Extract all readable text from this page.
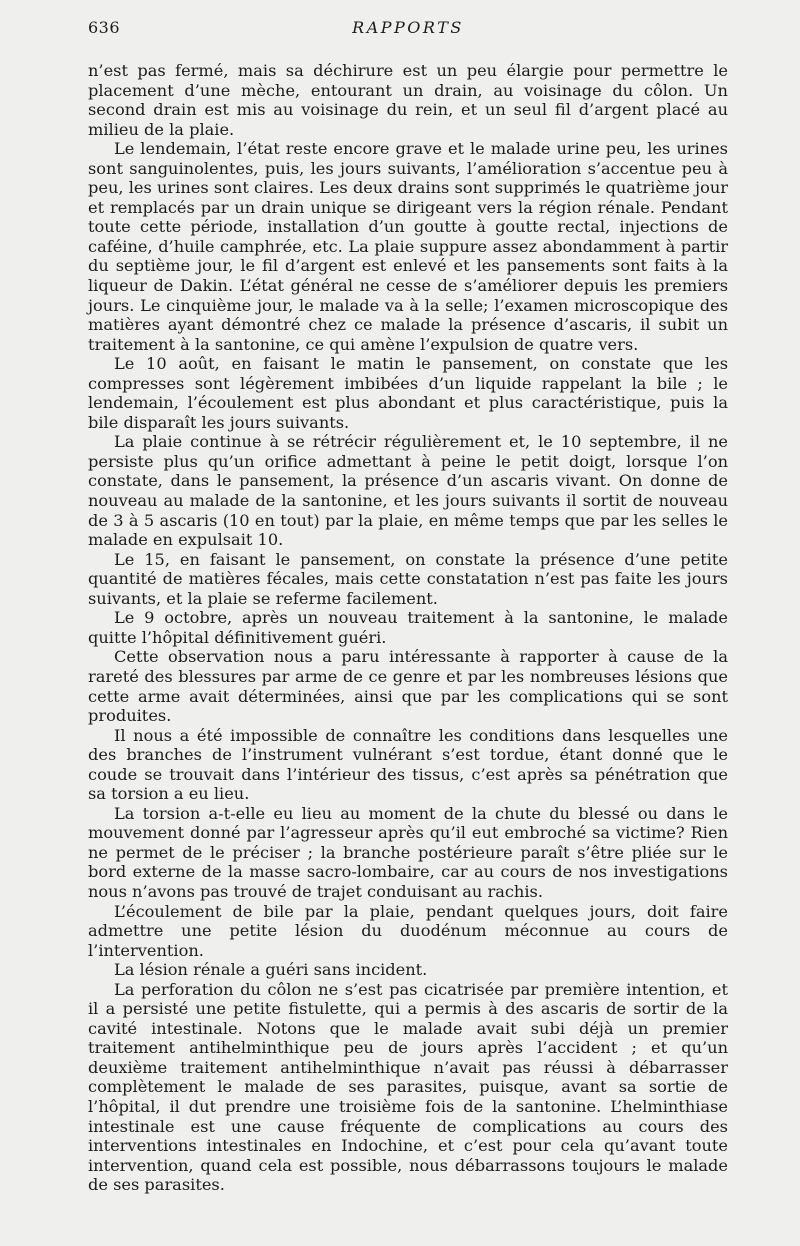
636	RAPPORTS

n’est pas fermé, mais sa déchirure est un peu élargie pour permettre le placement d’une mèche, entourant un drain, au voisinage du côlon. Un second drain est mis au voisinage du rein, et un seul fil d’argent placé au milieu de la plaie.

Le lendemain, l’état reste encore grave et le malade urine peu, les urines sont sanguinolentes, puis, les jours suivants, l’amélioration s’accentue peu à peu, les urines sont claires. Les deux drains sont supprimés le quatrième jour et remplacés par un drain unique se dirigeant vers la région rénale. Pendant toute cette période, installation d’un goutte à goutte rectal, injections de caféine, d’huile camphrée, etc. La plaie suppure assez abondamment à partir du septième jour, le fil d’argent est enlevé et les pansements sont faits à la liqueur de Dakin. L’état général ne cesse de s’améliorer depuis les premiers jours. Le cinquième jour, le malade va à la selle; l’examen microscopique des matières ayant démontré chez ce malade la présence d’ascaris, il subit un traitement à la santonine, ce qui amène l’expulsion de quatre vers.

Le 10 août, en faisant le matin le pansement, on constate que les compresses sont légèrement imbibées d’un liquide rappelant la bile ; le lendemain, l’écoulement est plus abondant et plus caractéristique, puis la bile disparaît les jours suivants.

La plaie continue à se rétrécir régulièrement et, le 10 septembre, il ne persiste plus qu’un orifice admettant à peine le petit doigt, lorsque l’on constate, dans le pansement, la présence d’un ascaris vivant. On donne de nouveau au malade de la santonine, et les jours suivants il sortit de nouveau de 3 à 5 ascaris (10 en tout) par la plaie, en même temps que par les selles le malade en expulsait 10.

Le 15, en faisant le pansement, on constate la présence d’une petite quantité de matières fécales, mais cette constatation n’est pas faite les jours suivants, et la plaie se referme facilement.

Le 9 octobre, après un nouveau traitement à la santonine, le malade quitte l’hôpital définitivement guéri.

Cette observation nous a paru intéressante à rapporter à cause de la rareté des blessures par arme de ce genre et par les nombreuses lésions que cette arme avait déterminées, ainsi que par les complications qui se sont produites.

Il nous a été impossible de connaître les conditions dans lesquelles une des branches de l’instrument vulnérant s’est tordue, étant donné que le coude se trouvait dans l’intérieur des tissus, c’est après sa pénétration que sa torsion a eu lieu.

La torsion a-t-elle eu lieu au moment de la chute du blessé ou dans le mouvement donné par l’agresseur après qu’il eut embroché sa victime? Rien ne permet de le préciser ; la branche postérieure paraît s’être pliée sur le bord externe de la masse sacro-lombaire, car au cours de nos investigations nous n’avons pas trouvé de trajet conduisant au rachis.

L’écoulement de bile par la plaie, pendant quelques jours, doit faire admettre une petite lésion du duodénum méconnue au cours de l’intervention.

La lésion rénale a guéri sans incident.

La perforation du côlon ne s’est pas cicatrisée par première intention, et il a persisté une petite fistulette, qui a permis à des ascaris de sortir de la cavité intestinale. Notons que le malade avait subi déjà un premier traitement antihelminthique peu de jours après l’accident ; et qu’un deuxième traitement antihelminthique n’avait pas réussi à débarrasser complètement le malade de ses parasites, puisque, avant sa sortie de l’hôpital, il dut prendre une troisième fois de la santonine. L’helminthiase intestinale est une cause fréquente de complications au cours des interventions intestinales en Indochine, et c’est pour cela qu’avant toute intervention, quand cela est possible, nous débarrassons toujours le malade de ses parasites.
